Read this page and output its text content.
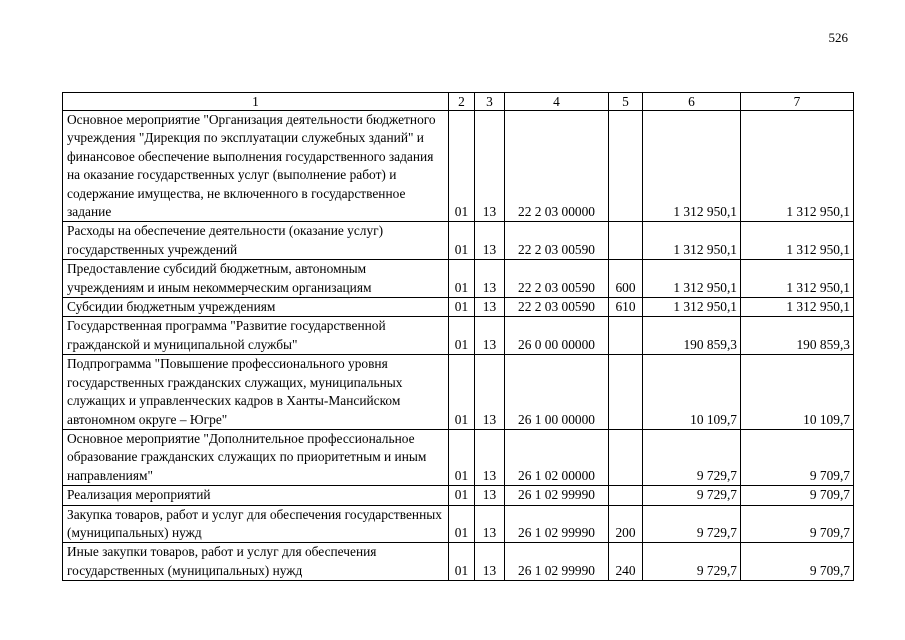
526
1	2	3	4	5	6	7
Основное мероприятие "Организация деятельности бюджетного учреждения "Дирекция по эксплуатации служебных зданий" и финансовое обеспечение выполнения государственного задания на оказание государственных услуг (выполнение работ) и содержание имущества, не включенного в государственное задание	01	13	22 2 03 00000		1 312 950,1	1 312 950,1
Расходы на обеспечение деятельности (оказание услуг) государственных учреждений	01	13	22 2 03 00590		1 312 950,1	1 312 950,1
Предоставление субсидий бюджетным, автономным учреждениям и иным некоммерческим организациям	01	13	22 2 03 00590	600	1 312 950,1	1 312 950,1
Субсидии бюджетным учреждениям	01	13	22 2 03 00590	610	1 312 950,1	1 312 950,1
Государственная программа "Развитие государственной гражданской и муниципальной службы"	01	13	26 0 00 00000		190 859,3	190 859,3
Подпрограмма "Повышение профессионального уровня государственных гражданских служащих, муниципальных служащих и управленческих кадров в Ханты-Мансийском автономном округе – Югре"	01	13	26 1 00 00000		10 109,7	10 109,7
Основное мероприятие "Дополнительное профессиональное образование гражданских служащих по приоритетным и иным направлениям"	01	13	26 1 02 00000		9 729,7	9 709,7
Реализация мероприятий	01	13	26 1 02 99990		9 729,7	9 709,7
Закупка товаров, работ и услуг для обеспечения государственных (муниципальных) нужд	01	13	26 1 02 99990	200	9 729,7	9 709,7
Иные закупки товаров, работ и услуг для обеспечения государственных (муниципальных) нужд	01	13	26 1 02 99990	240	9 729,7	9 709,7
